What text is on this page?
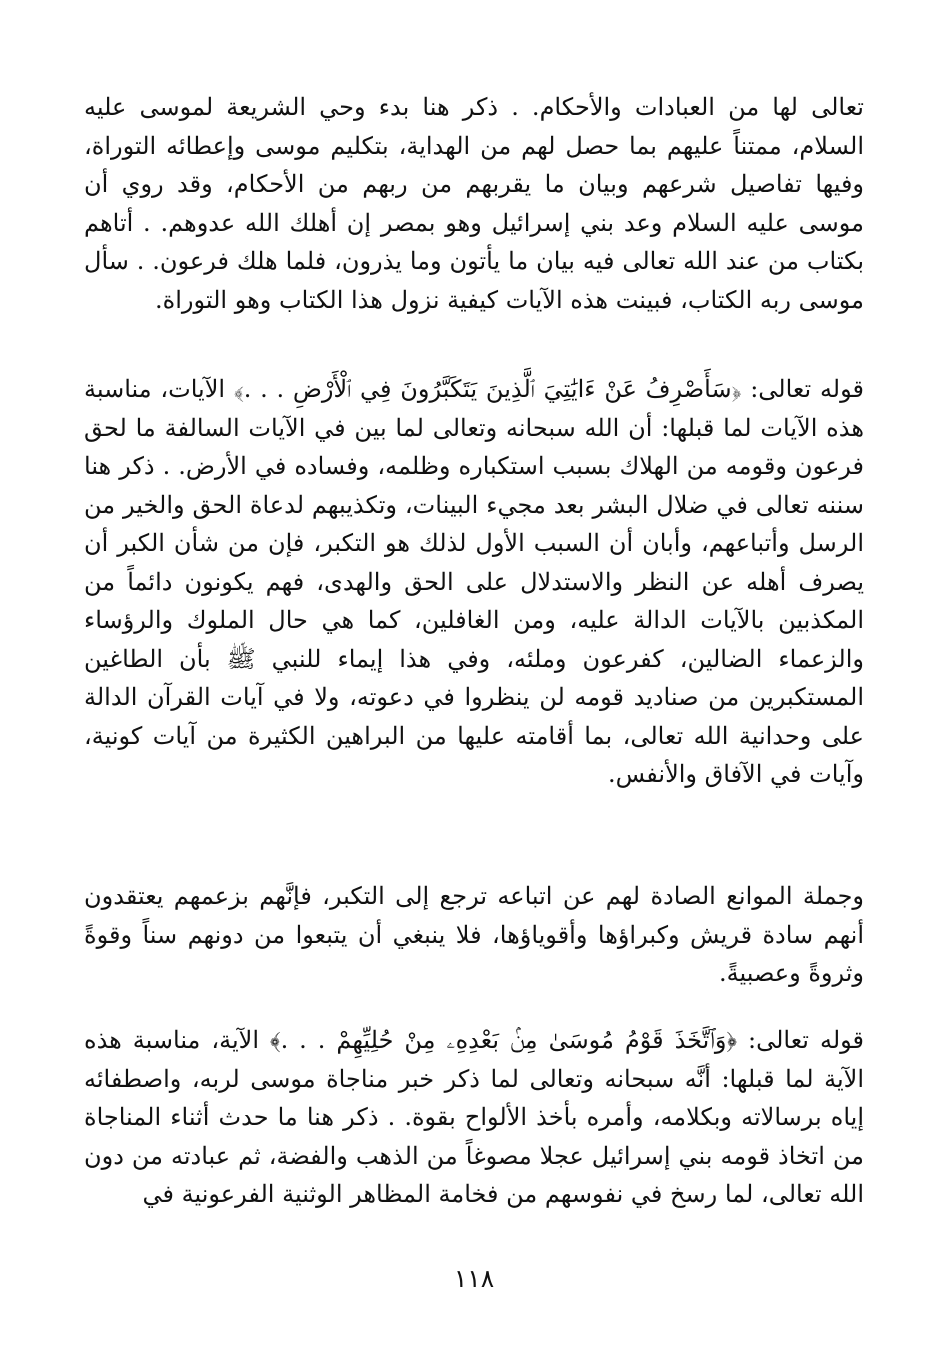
تعالى لها من العبادات والأحكام. . ذكر هنا بدء وحي الشريعة لموسى عليه السلام، ممتناً عليهم بما حصل لهم من الهداية، بتكليم موسى وإعطائه التوراة، وفيها تفاصيل شرعهم وبيان ما يقربهم من ربهم من الأحكام، وقد روي أن موسى عليه السلام وعد بني إسرائيل وهو بمصر إن أهلك الله عدوهم. . أتاهم بكتاب من عند الله تعالى فيه بيان ما يأتون وما يذرون، فلما هلك فرعون. . سأل موسى ربه الكتاب، فبينت هذه الآيات كيفية نزول هذا الكتاب وهو التوراة.

قوله تعالى: ﴿سَأَصْرِفُ عَنْ ءَايَٰتِيَ ٱلَّذِينَ يَتَكَبَّرُونَ فِي ٱلْأَرْضِ . . .﴾ الآيات، مناسبة هذه الآيات لما قبلها: أن الله سبحانه وتعالى لما بين في الآيات السالفة ما لحق فرعون وقومه من الهلاك بسبب استكباره وظلمه، وفساده في الأرض. . ذكر هنا سننه تعالى في ضلال البشر بعد مجيء البينات، وتكذيبهم لدعاة الحق والخير من الرسل وأتباعهم، وأبان أن السبب الأول لذلك هو التكبر، فإن من شأن الكبر أن يصرف أهله عن النظر والاستدلال على الحق والهدى، فهم يكونون دائماً من المكذبين بالآيات الدالة عليه، ومن الغافلين، كما هي حال الملوك والرؤساء والزعماء الضالين، كفرعون وملئه، وفي هذا إيماء للنبي ﷺ بأن الطاغين المستكبرين من صناديد قومه لن ينظروا في دعوته، ولا في آيات القرآن الدالة على وحدانية الله تعالى، بما أقامته عليها من البراهين الكثيرة من آيات كونية، وآيات في الآفاق والأنفس.

وجملة الموانع الصادة لهم عن اتباعه ترجع إلى التكبر، فإنَّهم بزعمهم يعتقدون أنهم سادة قريش وكبراؤها وأقوياؤها، فلا ينبغي أن يتبعوا من دونهم سناً وقوةً وثروةً وعصبيةً.

قوله تعالى: ﴿وَٱتَّخَذَ قَوْمُ مُوسَىٰ مِنۢ بَعْدِهِۦ مِنْ حُلِيِّهِمْ . . .﴾ الآية، مناسبة هذه الآية لما قبلها: أنَّه سبحانه وتعالى لما ذكر خبر مناجاة موسى لربه، واصطفائه إياه برسالاته وبكلامه، وأمره بأخذ الألواح بقوة. . ذكر هنا ما حدث أثناء المناجاة من اتخاذ قومه بني إسرائيل عجلا مصوغاً من الذهب والفضة، ثم عبادته من دون الله تعالى، لما رسخ في نفوسهم من فخامة المظاهر الوثنية الفرعونية في

١١٨
